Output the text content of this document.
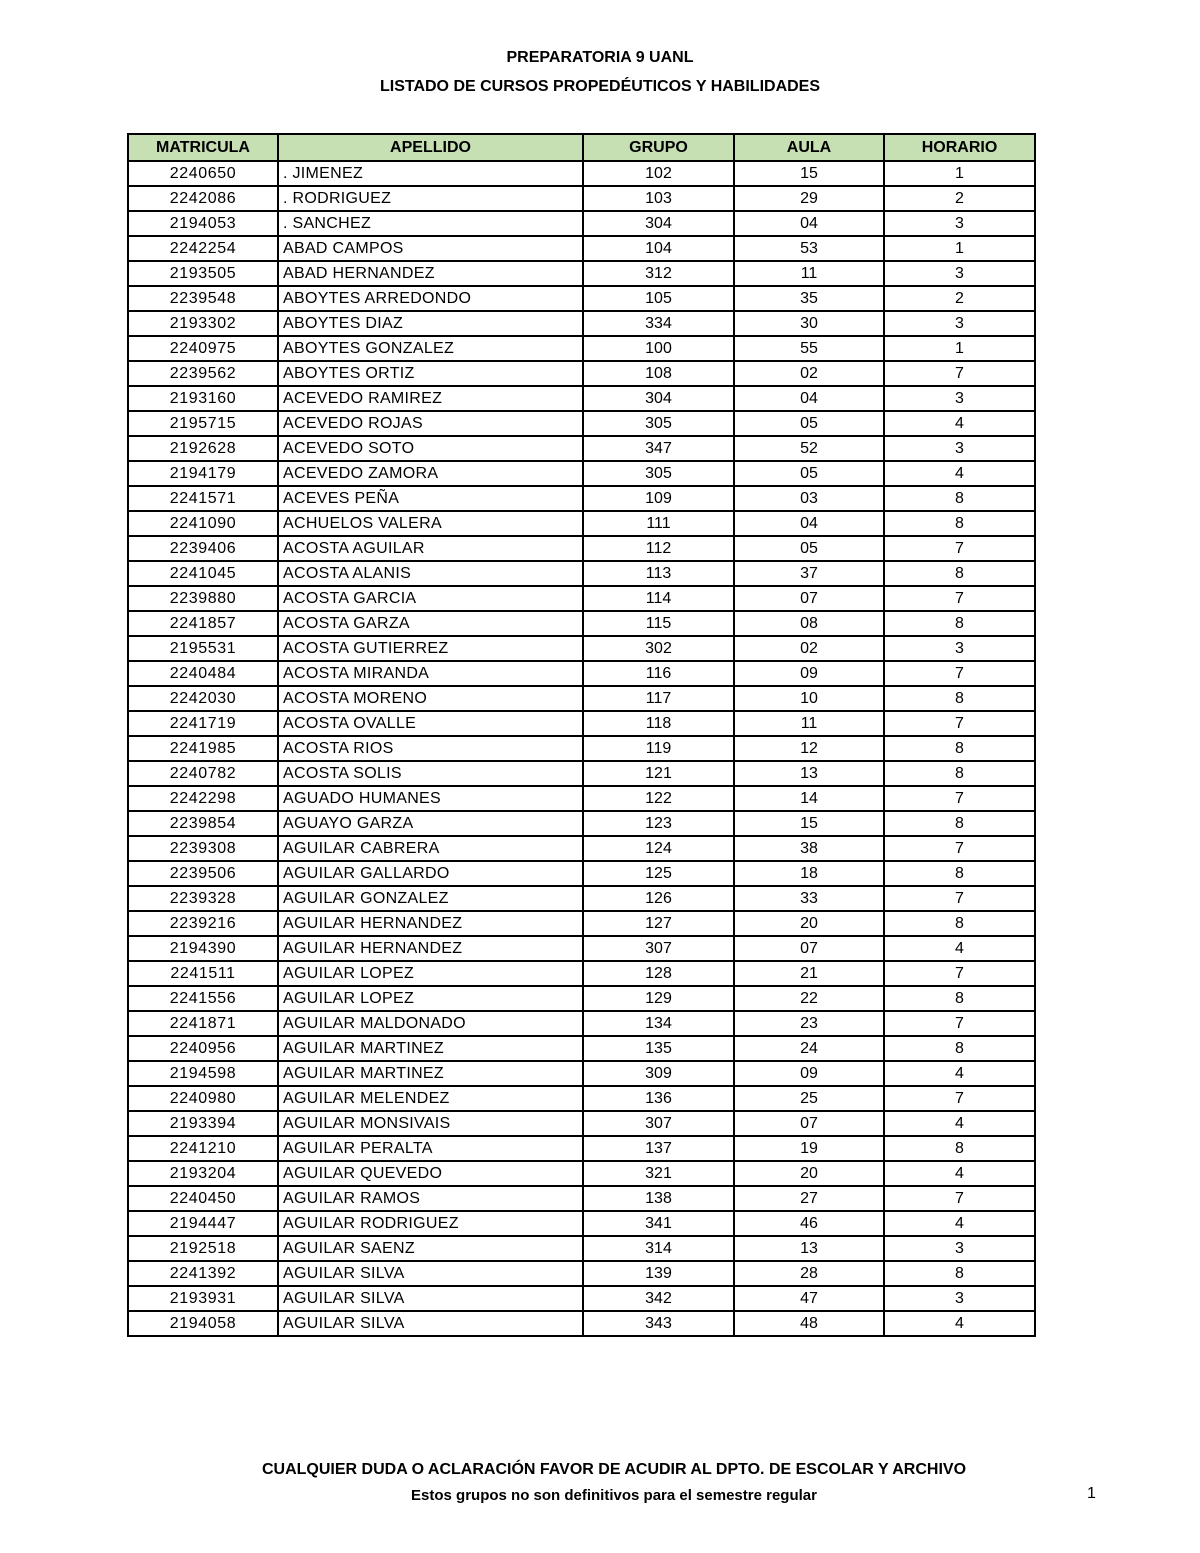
PREPARATORIA 9 UANL
LISTADO DE CURSOS PROPEDÉUTICOS Y HABILIDADES
MATRICULA	APELLIDO	GRUPO	AULA	HORARIO
2240650	. JIMENEZ	102	15	1
2242086	. RODRIGUEZ	103	29	2
2194053	. SANCHEZ	304	04	3
2242254	ABAD CAMPOS	104	53	1
2193505	ABAD HERNANDEZ	312	11	3
2239548	ABOYTES ARREDONDO	105	35	2
2193302	ABOYTES DIAZ	334	30	3
2240975	ABOYTES GONZALEZ	100	55	1
2239562	ABOYTES ORTIZ	108	02	7
2193160	ACEVEDO RAMIREZ	304	04	3
2195715	ACEVEDO ROJAS	305	05	4
2192628	ACEVEDO SOTO	347	52	3
2194179	ACEVEDO ZAMORA	305	05	4
2241571	ACEVES PEÑA	109	03	8
2241090	ACHUELOS VALERA	111	04	8
2239406	ACOSTA AGUILAR	112	05	7
2241045	ACOSTA ALANIS	113	37	8
2239880	ACOSTA GARCIA	114	07	7
2241857	ACOSTA GARZA	115	08	8
2195531	ACOSTA GUTIERREZ	302	02	3
2240484	ACOSTA MIRANDA	116	09	7
2242030	ACOSTA MORENO	117	10	8
2241719	ACOSTA OVALLE	118	11	7
2241985	ACOSTA RIOS	119	12	8
2240782	ACOSTA SOLIS	121	13	8
2242298	AGUADO HUMANES	122	14	7
2239854	AGUAYO GARZA	123	15	8
2239308	AGUILAR CABRERA	124	38	7
2239506	AGUILAR GALLARDO	125	18	8
2239328	AGUILAR GONZALEZ	126	33	7
2239216	AGUILAR HERNANDEZ	127	20	8
2194390	AGUILAR HERNANDEZ	307	07	4
2241511	AGUILAR LOPEZ	128	21	7
2241556	AGUILAR LOPEZ	129	22	8
2241871	AGUILAR MALDONADO	134	23	7
2240956	AGUILAR MARTINEZ	135	24	8
2194598	AGUILAR MARTINEZ	309	09	4
2240980	AGUILAR MELENDEZ	136	25	7
2193394	AGUILAR MONSIVAIS	307	07	4
2241210	AGUILAR PERALTA	137	19	8
2193204	AGUILAR QUEVEDO	321	20	4
2240450	AGUILAR RAMOS	138	27	7
2194447	AGUILAR RODRIGUEZ	341	46	4
2192518	AGUILAR SAENZ	314	13	3
2241392	AGUILAR SILVA	139	28	8
2193931	AGUILAR SILVA	342	47	3
2194058	AGUILAR SILVA	343	48	4
CUALQUIER DUDA O ACLARACIÓN FAVOR DE ACUDIR AL DPTO. DE ESCOLAR Y ARCHIVO
Estos grupos no son definitivos para el semestre regular	1
